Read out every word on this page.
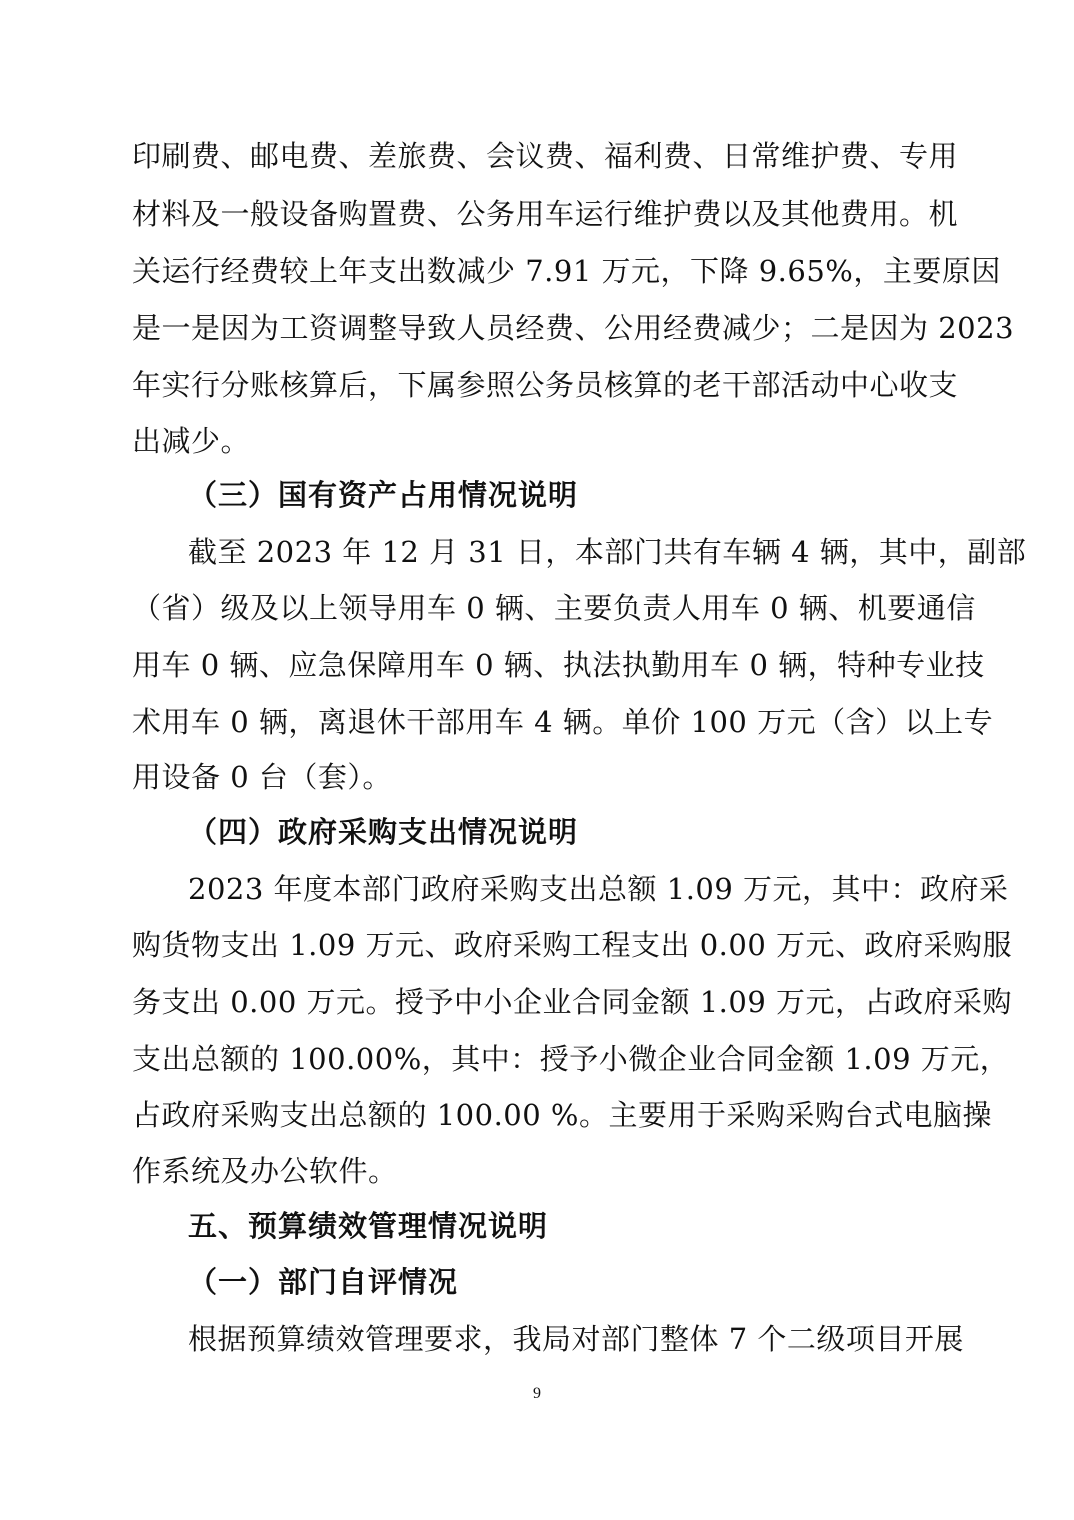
印刷费、邮电费、差旅费、会议费、福利费、日常维护费、专用
材料及一般设备购置费、公务用车运行维护费以及其他费用。机
关运行经费较上年支出数减少 7.91 万元，下降 9.65%，主要原因
是一是因为工资调整导致人员经费、公用经费减少；二是因为 2023
年实行分账核算后，下属参照公务员核算的老干部活动中心收支
出减少。
（三）国有资产占用情况说明
截至 2023 年 12 月 31 日，本部门共有车辆 4 辆，其中，副部
（省）级及以上领导用车 0 辆、主要负责人用车 0 辆、机要通信
用车 0 辆、应急保障用车 0 辆、执法执勤用车 0 辆，特种专业技
术用车 0 辆，离退休干部用车 4 辆。单价 100 万元（含）以上专
用设备 0 台（套）。
（四）政府采购支出情况说明
2023 年度本部门政府采购支出总额 1.09 万元，其中：政府采
购货物支出 1.09 万元、政府采购工程支出 0.00 万元、政府采购服
务支出 0.00 万元。授予中小企业合同金额 1.09 万元，占政府采购
支出总额的 100.00%，其中：授予小微企业合同金额 1.09 万元，
占政府采购支出总额的 100.00 %。主要用于采购采购台式电脑操
作系统及办公软件。
五、预算绩效管理情况说明
（一）部门自评情况
根据预算绩效管理要求，我局对部门整体 7 个二级项目开展
9
